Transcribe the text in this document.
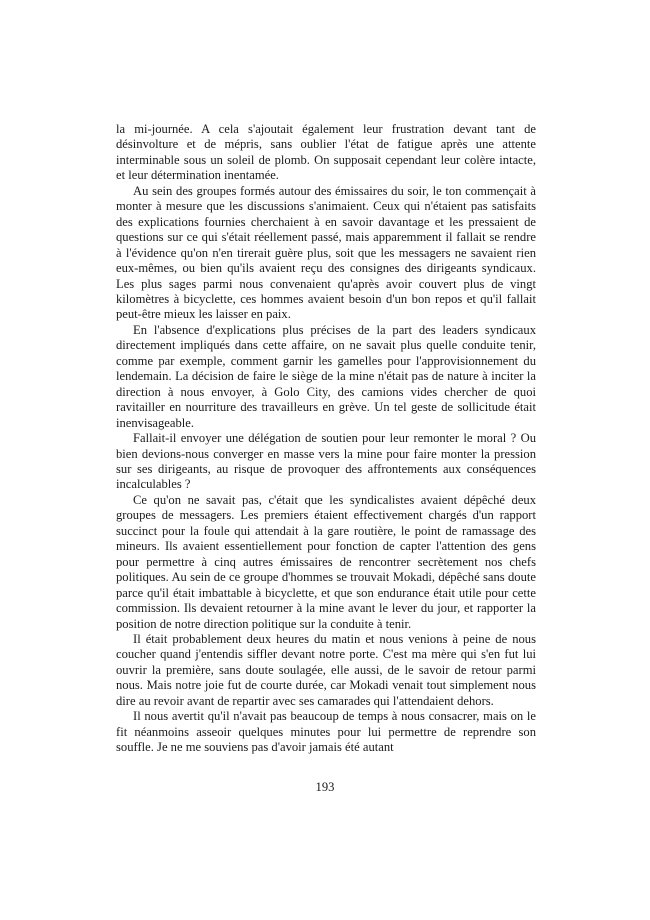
la mi-journée. A cela s'ajoutait également leur frustration devant tant de désinvolture et de mépris, sans oublier l'état de fatigue après une attente interminable sous un soleil de plomb. On supposait cependant leur colère intacte, et leur détermination inentamée.

Au sein des groupes formés autour des émissaires du soir, le ton commençait à monter à mesure que les discussions s'animaient. Ceux qui n'étaient pas satisfaits des explications fournies cherchaient à en savoir davantage et les pressaient de questions sur ce qui s'était réellement passé, mais apparemment il fallait se rendre à l'évidence qu'on n'en tirerait guère plus, soit que les messagers ne savaient rien eux-mêmes, ou bien qu'ils avaient reçu des consignes des dirigeants syndicaux. Les plus sages parmi nous convenaient qu'après avoir couvert plus de vingt kilomètres à bicyclette, ces hommes avaient besoin d'un bon repos et qu'il fallait peut-être mieux les laisser en paix.

En l'absence d'explications plus précises de la part des leaders syndicaux directement impliqués dans cette affaire, on ne savait plus quelle conduite tenir, comme par exemple, comment garnir les gamelles pour l'approvisionnement du lendemain. La décision de faire le siège de la mine n'était pas de nature à inciter la direction à nous envoyer, à Golo City, des camions vides chercher de quoi ravitailler en nourriture des travailleurs en grève. Un tel geste de sollicitude était inenvisageable.

Fallait-il envoyer une délégation de soutien pour leur remonter le moral ? Ou bien devions-nous converger en masse vers la mine pour faire monter la pression sur ses dirigeants, au risque de provoquer des affrontements aux conséquences incalculables ?

Ce qu'on ne savait pas, c'était que les syndicalistes avaient dépêché deux groupes de messagers. Les premiers étaient effectivement chargés d'un rapport succinct pour la foule qui attendait à la gare routière, le point de ramassage des mineurs. Ils avaient essentiellement pour fonction de capter l'attention des gens pour permettre à cinq autres émissaires de rencontrer secrètement nos chefs politiques. Au sein de ce groupe d'hommes se trouvait Mokadi, dépêché sans doute parce qu'il était imbattable à bicyclette, et que son endurance était utile pour cette commission. Ils devaient retourner à la mine avant le lever du jour, et rapporter la position de notre direction politique sur la conduite à tenir.

Il était probablement deux heures du matin et nous venions à peine de nous coucher quand j'entendis siffler devant notre porte. C'est ma mère qui s'en fut lui ouvrir la première, sans doute soulagée, elle aussi, de le savoir de retour parmi nous. Mais notre joie fut de courte durée, car Mokadi venait tout simplement nous dire au revoir avant de repartir avec ses camarades qui l'attendaient dehors.

Il nous avertit qu'il n'avait pas beaucoup de temps à nous consacrer, mais on le fit néanmoins asseoir quelques minutes pour lui permettre de reprendre son souffle. Je ne me souviens pas d'avoir jamais été autant

193
